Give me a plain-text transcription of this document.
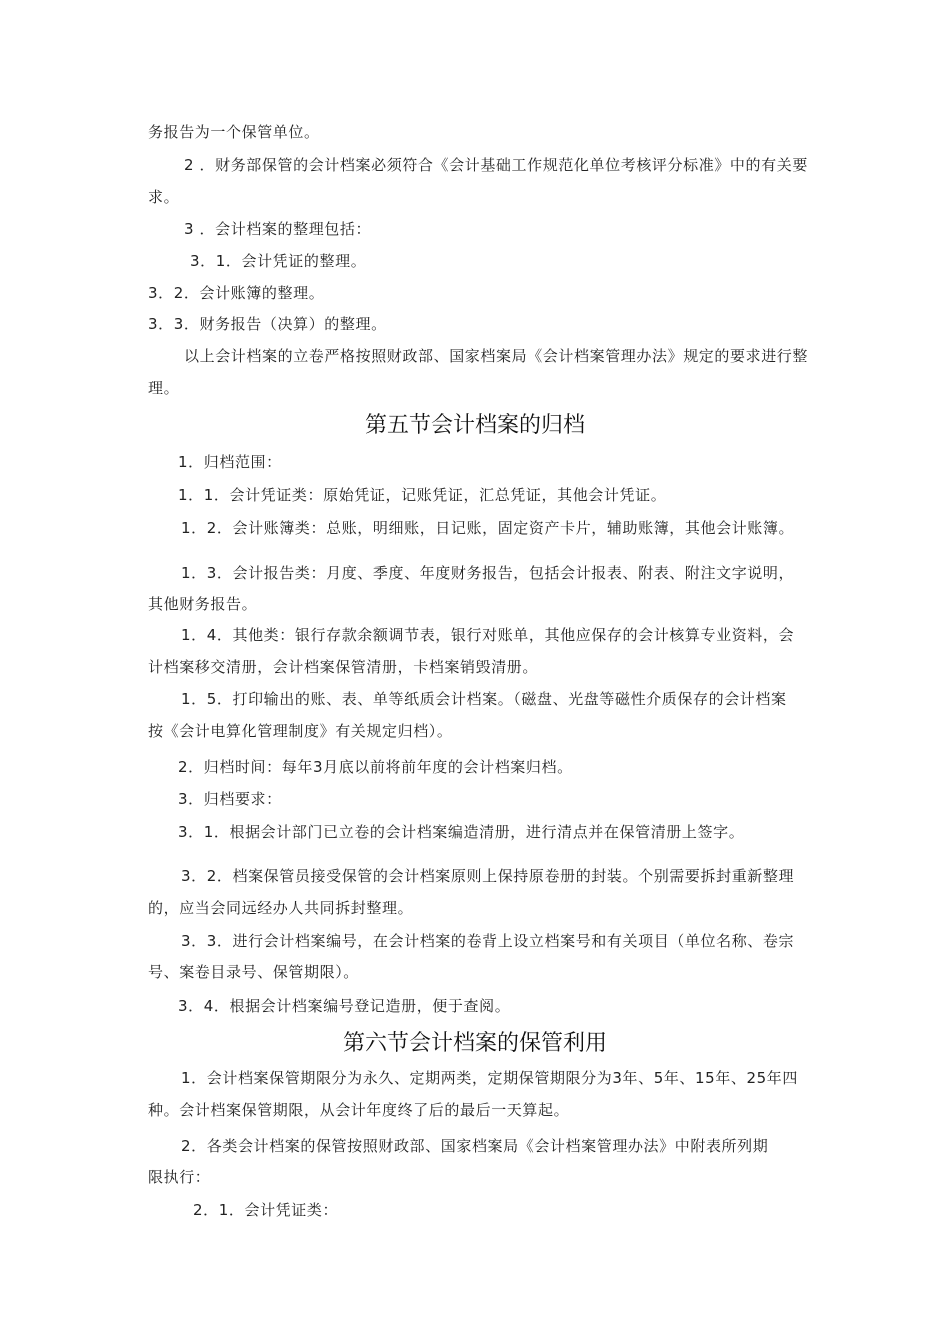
务报告为一个保管单位。
2 ．财务部保管的会计档案必须符合《会计基础工作规范化单位考核评分标准》中的有关要
求。
3 ．会计档案的整理包括：
3．1．会计凭证的整理。
3．2．会计账簿的整理。
3．3．财务报告（决算）的整理。
以上会计档案的立卷严格按照财政部、国家档案局《会计档案管理办法》规定的要求进行整
理。
第五节会计档案的归档
1．归档范围：
1．1．会计凭证类：原始凭证，记账凭证，汇总凭证，其他会计凭证。
1．2．会计账簿类：总账，明细账，日记账，固定资产卡片，辅助账簿，其他会计账簿。
1．3．会计报告类：月度、季度、年度财务报告，包括会计报表、附表、附注文字说明，
其他财务报告。
1．4．其他类：银行存款余额调节表，银行对账单，其他应保存的会计核算专业资料，会
计档案移交清册，会计档案保管清册，卡档案销毁清册。
1．5．打印输出的账、表、单等纸质会计档案。（磁盘、光盘等磁性介质保存的会计档案
按《会计电算化管理制度》有关规定归档）。
2．归档时间：每年3月底以前将前年度的会计档案归档。
3．归档要求：
3．1．根据会计部门已立卷的会计档案编造清册，进行清点并在保管清册上签字。
3．2．档案保管员接受保管的会计档案原则上保持原卷册的封装。个别需要拆封重新整理
的，应当会同远经办人共同拆封整理。
3．3．进行会计档案编号，在会计档案的卷背上设立档案号和有关项目（单位名称、卷宗
号、案卷目录号、保管期限）。
3．4．根据会计档案编号登记造册，便于查阅。
第六节会计档案的保管利用
1．会计档案保管期限分为永久、定期两类，定期保管期限分为3年、5年、15年、25年四
种。会计档案保管期限，从会计年度终了后的最后一天算起。
2．各类会计档案的保管按照财政部、国家档案局《会计档案管理办法》中附表所列期
限执行：
2．1．会计凭证类：
